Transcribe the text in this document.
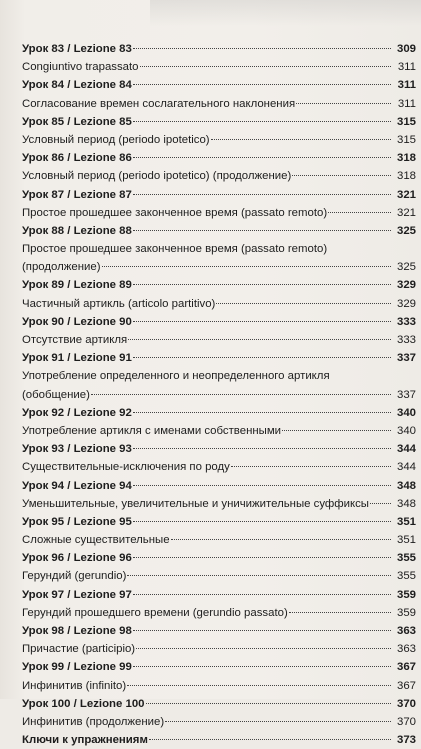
Урок 83 / Lezione 83	309
Congiuntivo trapassato	311
Урок 84 / Lezione 84	311
Согласование времен сослагательного наклонения	311
Урок 85 / Lezione 85	315
Условный период (periodo ipotetico)	315
Урок 86 / Lezione 86	318
Условный период (periodo ipotetico) (продолжение)	318
Урок 87 / Lezione 87	321
Простое прошедшее законченное время (passato remoto)	321
Урок 88 / Lezione 88	325
Простое прошедшее законченное время (passato remoto)
(продолжение)	325
Урок 89 / Lezione 89	329
Частичный артикль (articolo partitivo)	329
Урок 90 / Lezione 90	333
Отсутствие артикля	333
Урок 91 / Lezione 91	337
Употребление определенного и неопределенного артикля
(обобщение)	337
Урок 92 / Lezione 92	340
Употребление артикля с именами собственными	340
Урок 93 / Lezione 93	344
Существительные-исключения по роду	344
Урок 94 / Lezione 94	348
Уменьшительные, увеличительные и уничижительные суффиксы	348
Урок 95 / Lezione 95	351
Сложные существительные	351
Урок 96 / Lezione 96	355
Герундий (gerundio)	355
Урок 97 / Lezione 97	359
Герундий прошедшего времени (gerundio passato)	359
Урок 98 / Lezione 98	363
Причастие (participio)	363
Урок 99 / Lezione 99	367
Инфинитив (infinito)	367
Урок 100 / Lezione 100	370
Инфинитив (продолжение)	370
Ключи к упражнениям	373
